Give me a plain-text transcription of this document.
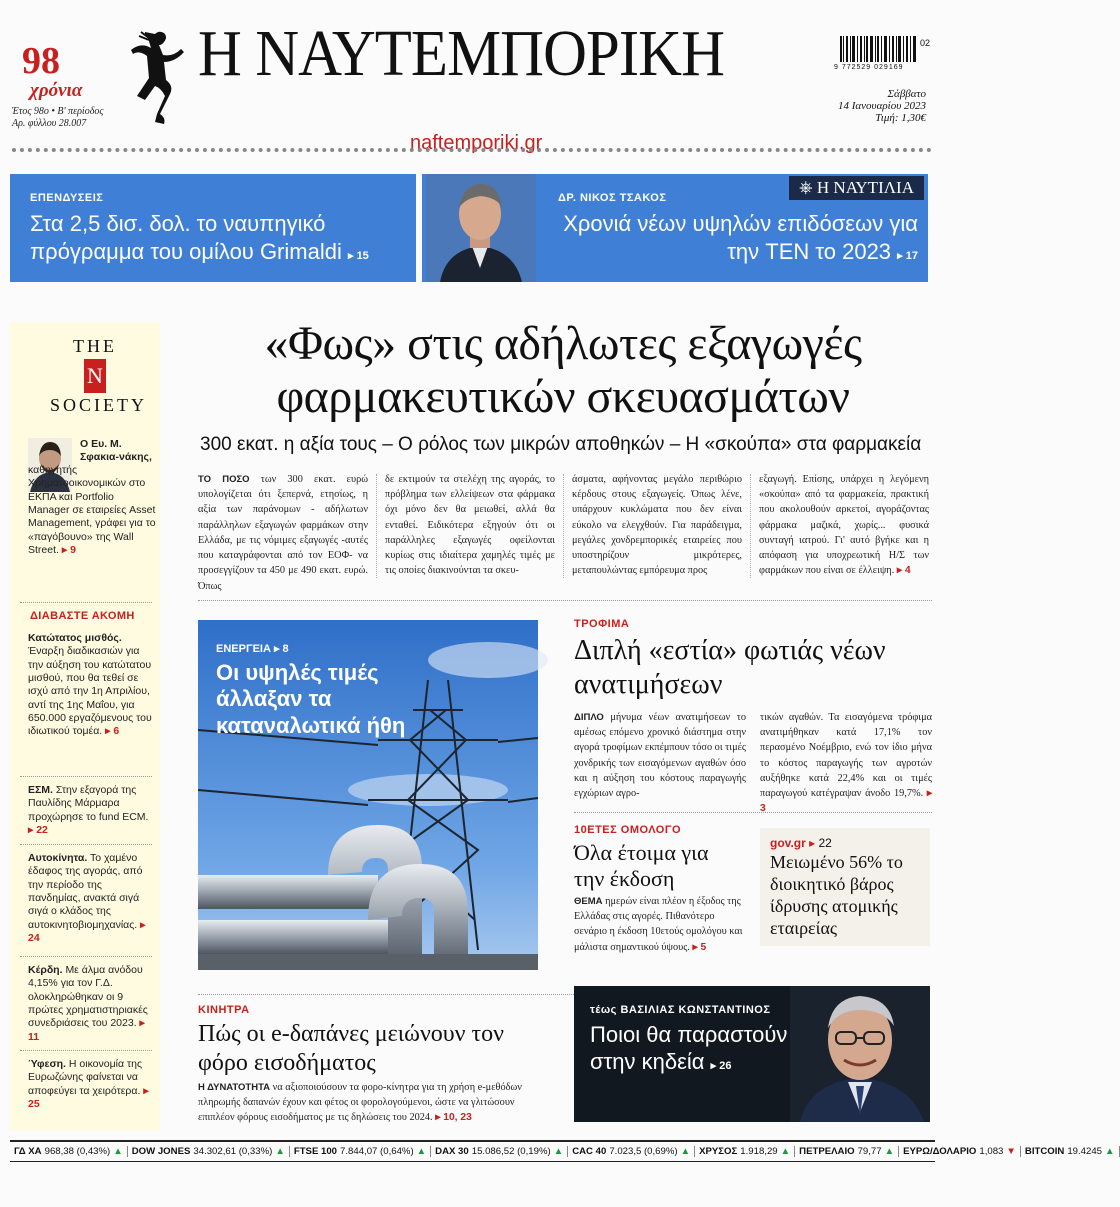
98
χρόνια
Έτος 98ο • Β' περίοδος
Αρ. φύλλου 28.007
Η ΝΑΥΤΕΜΠΟΡΙΚΗ
naftemporiki.gr
9 772529 029169
02
Σάββατο
14 Ιανουαρίου 2023
Τιμή: 1,30€
ΕΠΕΝΔΥΣΕΙΣ
Στα 2,5 δισ. δολ. το ναυπηγικό πρόγραμμα του ομίλου Grimaldi ▸ 15
⎈ Η ΝΑΥΤΙΛΙΑ
ΔΡ. ΝΙΚΟΣ ΤΣΑΚΟΣ
Χρονιά νέων υψηλών επιδόσεων για την TEN το 2023 ▸ 17
THE
N
SOCIETY
Ο Ευ. Μ. Σφακια-νάκης,
καθηγητής Χρηματοοικονομικών στο ΕΚΠΑ και Portfolio Manager σε εταιρείες Asset Management, γράφει για το «παγόβουνο» της Wall Street. ▸ 9
ΔΙΑΒΑΣΤΕ ΑΚΟΜΗ
Κατώτατος μισθός. Έναρξη διαδικασιών για την αύξηση του κατώτατου μισθού, που θα τεθεί σε ισχύ από την 1η Απριλίου, αντί της 1ης Μαΐου, για 650.000 εργαζόμενους του ιδιωτικού τομέα. ▸ 6
ΕΣΜ. Στην εξαγορά της Παυλίδης Μάρμαρα προχώρησε το fund ECM. ▸ 22
Αυτοκίνητα. Το χαμένο έδαφος της αγοράς, από την περίοδο της πανδημίας, ανακτά σιγά σιγά ο κλάδος της αυτοκινητοβιομηχανίας. ▸ 24
Κέρδη. Με άλμα ανόδου 4,15% για τον Γ.Δ. ολοκληρώθηκαν οι 9 πρώτες χρηματιστηριακές συνεδριάσεις του 2023. ▸ 11
Ύφεση. Η οικονομία της Ευρωζώνης φαίνεται να αποφεύγει τα χειρότερα. ▸ 25
«Φως» στις αδήλωτες εξαγωγές
φαρμακευτικών σκευασμάτων
300 εκατ. η αξία τους – Ο ρόλος των μικρών αποθηκών – Η «σκούπα» στα φαρμακεία
ΤΟ ΠΟΣΟ των 300 εκατ. ευρώ υπολογίζεται ότι ξεπερνά, ετησίως, η αξία των παράνομων - αδήλωτων παράλληλων εξαγωγών φαρμάκων στην Ελλάδα, με τις νόμιμες εξαγωγές -αυτές που καταγράφονται από τον ΕΟΦ- να προσεγγίζουν τα 450 με 490 εκατ. ευρώ. Όπως
δε εκτιμούν τα στελέχη της αγοράς, το πρόβλημα των ελλείψεων στα φάρμακα όχι μόνο δεν θα μειωθεί, αλλά θα ενταθεί. Ειδικότερα εξηγούν ότι οι παράλληλες εξαγωγές οφείλονται κυρίως στις ιδιαίτερα χαμηλές τιμές με τις οποίες διακινούνται τα σκευ-
άσματα, αφήνοντας μεγάλο περιθώριο κέρδους στους εξαγωγείς. Όπως λένε, υπάρχουν κυκλώματα που δεν είναι εύκολο να ελεγχθούν. Για παράδειγμα, μεγάλες χονδρεμπορικές εταιρείες που υποστηρίζουν μικρότερες, μεταπουλώντας εμπόρευμα προς
εξαγωγή. Επίσης, υπάρχει η λεγόμενη «σκούπα» από τα φαρμακεία, πρακτική που ακολουθούν αρκετοί, αγοράζοντας φάρμακα μαζικά, χωρίς... φυσικά συνταγή ιατρού. Γι' αυτό βγήκε και η απόφαση για υποχρεωτική Η/Σ των φαρμάκων που είναι σε έλλειψη. ▸ 4
ΕΝΕΡΓΕΙΑ ▸ 8
Οι υψηλές τιμές άλλαξαν τα καταναλωτικά ήθη
ΤΡΟΦΙΜΑ
Διπλή «εστία» φωτιάς νέων ανατιμήσεων
ΔΙΠΛΟ μήνυμα νέων ανατιμήσεων το αμέσως επόμενο χρονικό διάστημα στην αγορά τροφίμων εκπέμπουν τόσο οι τιμές χονδρικής των εισαγόμενων αγαθών όσο και η αύξηση του κόστους παραγωγής εγχώριων αγρο-
τικών αγαθών. Τα εισαγόμενα τρόφιμα ανατιμήθηκαν κατά 17,1% τον περασμένο Νοέμβριο, ενώ τον ίδιο μήνα το κόστος παραγωγής των αγροτών αυξήθηκε κατά 22,4% και οι τιμές παραγωγού κατέγραψαν άνοδο 19,7%. ▸ 3
10ΕΤΕΣ ΟΜΟΛΟΓΟ
Όλα έτοιμα για την έκδοση
ΘΕΜΑ ημερών είναι πλέον η έξοδος της Ελλάδας στις αγορές. Πιθανότερο σενάριο η έκδοση 10ετούς ομολόγου και μάλιστα σημαντικού ύψους. ▸ 5
gov.gr ▸ 22
Μειωμένο 56% το διοικητικό βάρος ίδρυσης ατομικής εταιρείας
ΚΙΝΗΤΡΑ
Πώς οι e-δαπάνες μειώνουν τον φόρο εισοδήματος
Η ΔΥΝΑΤΟΤΗΤΑ να αξιοποιούσουν τα φορο-κίνητρα για τη χρήση e-μεθόδων πληρωμής δαπανών έχουν και φέτος οι φορολογούμενοι, ώστε να γλιτώσουν επιπλέον φόρους εισοδήματος με τις δηλώσεις του 2024. ▸ 10, 23
τέως ΒΑΣΙΛΙΑΣ ΚΩΝΣΤΑΝΤΙΝΟΣ
Ποιοι θα παραστούν στην κηδεία ▸ 26
ΓΔ ΧΑ 968,38 (0,43%) ▲ DOW JONES 34.302,61 (0,33%) ▲ FTSE 100 7.844,07 (0,64%) ▲ DAX 30 15.086,52 (0,19%) ▲ CAC 40 7.023,5 (0,69%) ▲ ΧΡΥΣΟΣ 1.918,29 ▲ ΠΕΤΡΕΛΑΙΟ 79,77 ▲ ΕΥΡΩ/ΔΟΛΑΡΙΟ 1,083 ▼ BITCOIN 19.4245 ▲
